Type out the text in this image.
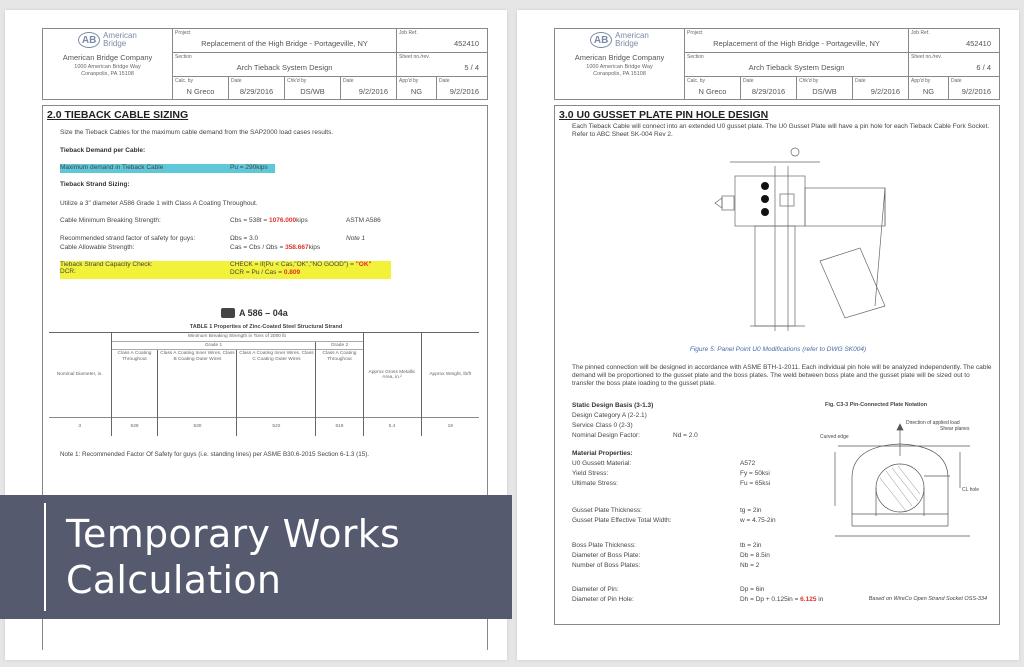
AB American
Bridge
American Bridge Company
1000 American Bridge Way
Coraopolis, PA 15108
Project
Replacement of the High Bridge - Portageville, NY
Job Ref.
452410
Section
Arch Tieback System Design
Sheet no./rev.
5 / 4
Calc. by
N Greco
Date
8/29/2016
Chk'd by
DS/WB
Date
9/2/2016
App'd by
NG
Date
9/2/2016
2.0 TIEBACK CABLE SIZING
Size the Tieback Cables for the maximum cable demand from the SAP2000 load cases results.
Tieback Demand per Cable:
Maximum demand in Tieback Cable	Pu = 290kips
Tieback Strand Sizing:
Utilize a 3" diameter A586 Grade 1 with Class A Coating Throughout.
Cable Minimum Breaking Strength:	Cbs = 538t = 1076.000kips	ASTM A586
Recommended strand factor of safety for guys:	Ωbs = 3.0	Note 1
Cable Allowable Strength:	Cas = Cbs / Ωbs = 358.667kips
Tieback Strand Capacity Check:
DCR:
CHECK = if(Pu < Cas,"OK","NO GOOD") = "OK"
DCR = Pu / Cas = 0.809
A 586 – 04a
TABLE 1 Properties of Zinc-Coated Steel Structural Strand
Nominal Diameter, in.	Minimum Breaking Strength in Tons of 2000 lb				Approx Gross Metallic Area, in.²	Approx Weight, lb/ft
	Grade 1			Grade 2		
	Class A Coating Throughout	Class A Coating Inner Wires, Class B Coating Outer Wires	Class A Coating Inner Wires, Class C Coating Outer Wires	Class A Coating Throughout		
3	538	530	522	619	5.4	19
Note 1: Recommended Factor Of Safety for guys (i.e. standing lines) per ASME B30.6-2015 Section 6-1.3 (15).
AB American
Bridge
American Bridge Company
1000 American Bridge Way
Coraopolis, PA 15108
Project
Replacement of the High Bridge - Portageville, NY
Job Ref.
452410
Section
Arch Tieback System Design
Sheet no./rev.
6 / 4
Calc. by
N Greco
Date
8/29/2016
Chk'd by
DS/WB
Date
9/2/2016
App'd by
NG
Date
9/2/2016
3.0 U0 GUSSET PLATE PIN HOLE DESIGN
Each Tieback Cable will connect into an extended U0 gusset plate. The U0 Gusset Plate will have a pin hole for each Tieback Cable Fork Socket. Refer to ABC Sheet SK-004 Rev 2.
Figure 5: Panel Point U0 Modifications (refer to DWG SK004)
The pinned connection will be designed in accordance with ASME BTH-1-2011. Each individual pin hole will be analyzed independently. The cable demand will be proportioned to the gusset plate and the boss plates. The weld between boss plate and the gusset plate will be sized out to transfer the boss plate loading to the gusset plate.
Static Design Basis (3-1.3)
Design Category A (2-2.1)
Service Class 0 (2-3)
Nominal Design Factor:	Nd = 2.0
Material Properties:
U0 Gussett Material:	A572
Yield Stress:	Fy = 50ksi
Ultimate Stress:	Fu = 65ksi
Gusset Plate Thickness:	tg = 2in
Gusset Plate Effective Total Width:	w = 4.75-2in
Boss Plate Thickness:	tb = 2in
Diameter of Boss Plate:	Db = 8.5in
Number of Boss Plates:	Nb = 2
Diameter of Pin:	Dp = 6in
Diameter of Pin Hole:	Dh = Dp + 0.125in = 6.125 in
Fig. C3-3 Pin-Connected Plate Notation
Direction of applied load
Shear planes
Curved edge
CL hole
Based on WireCo Open Strand Socket OSS-334
Temporary Works
Calculation
